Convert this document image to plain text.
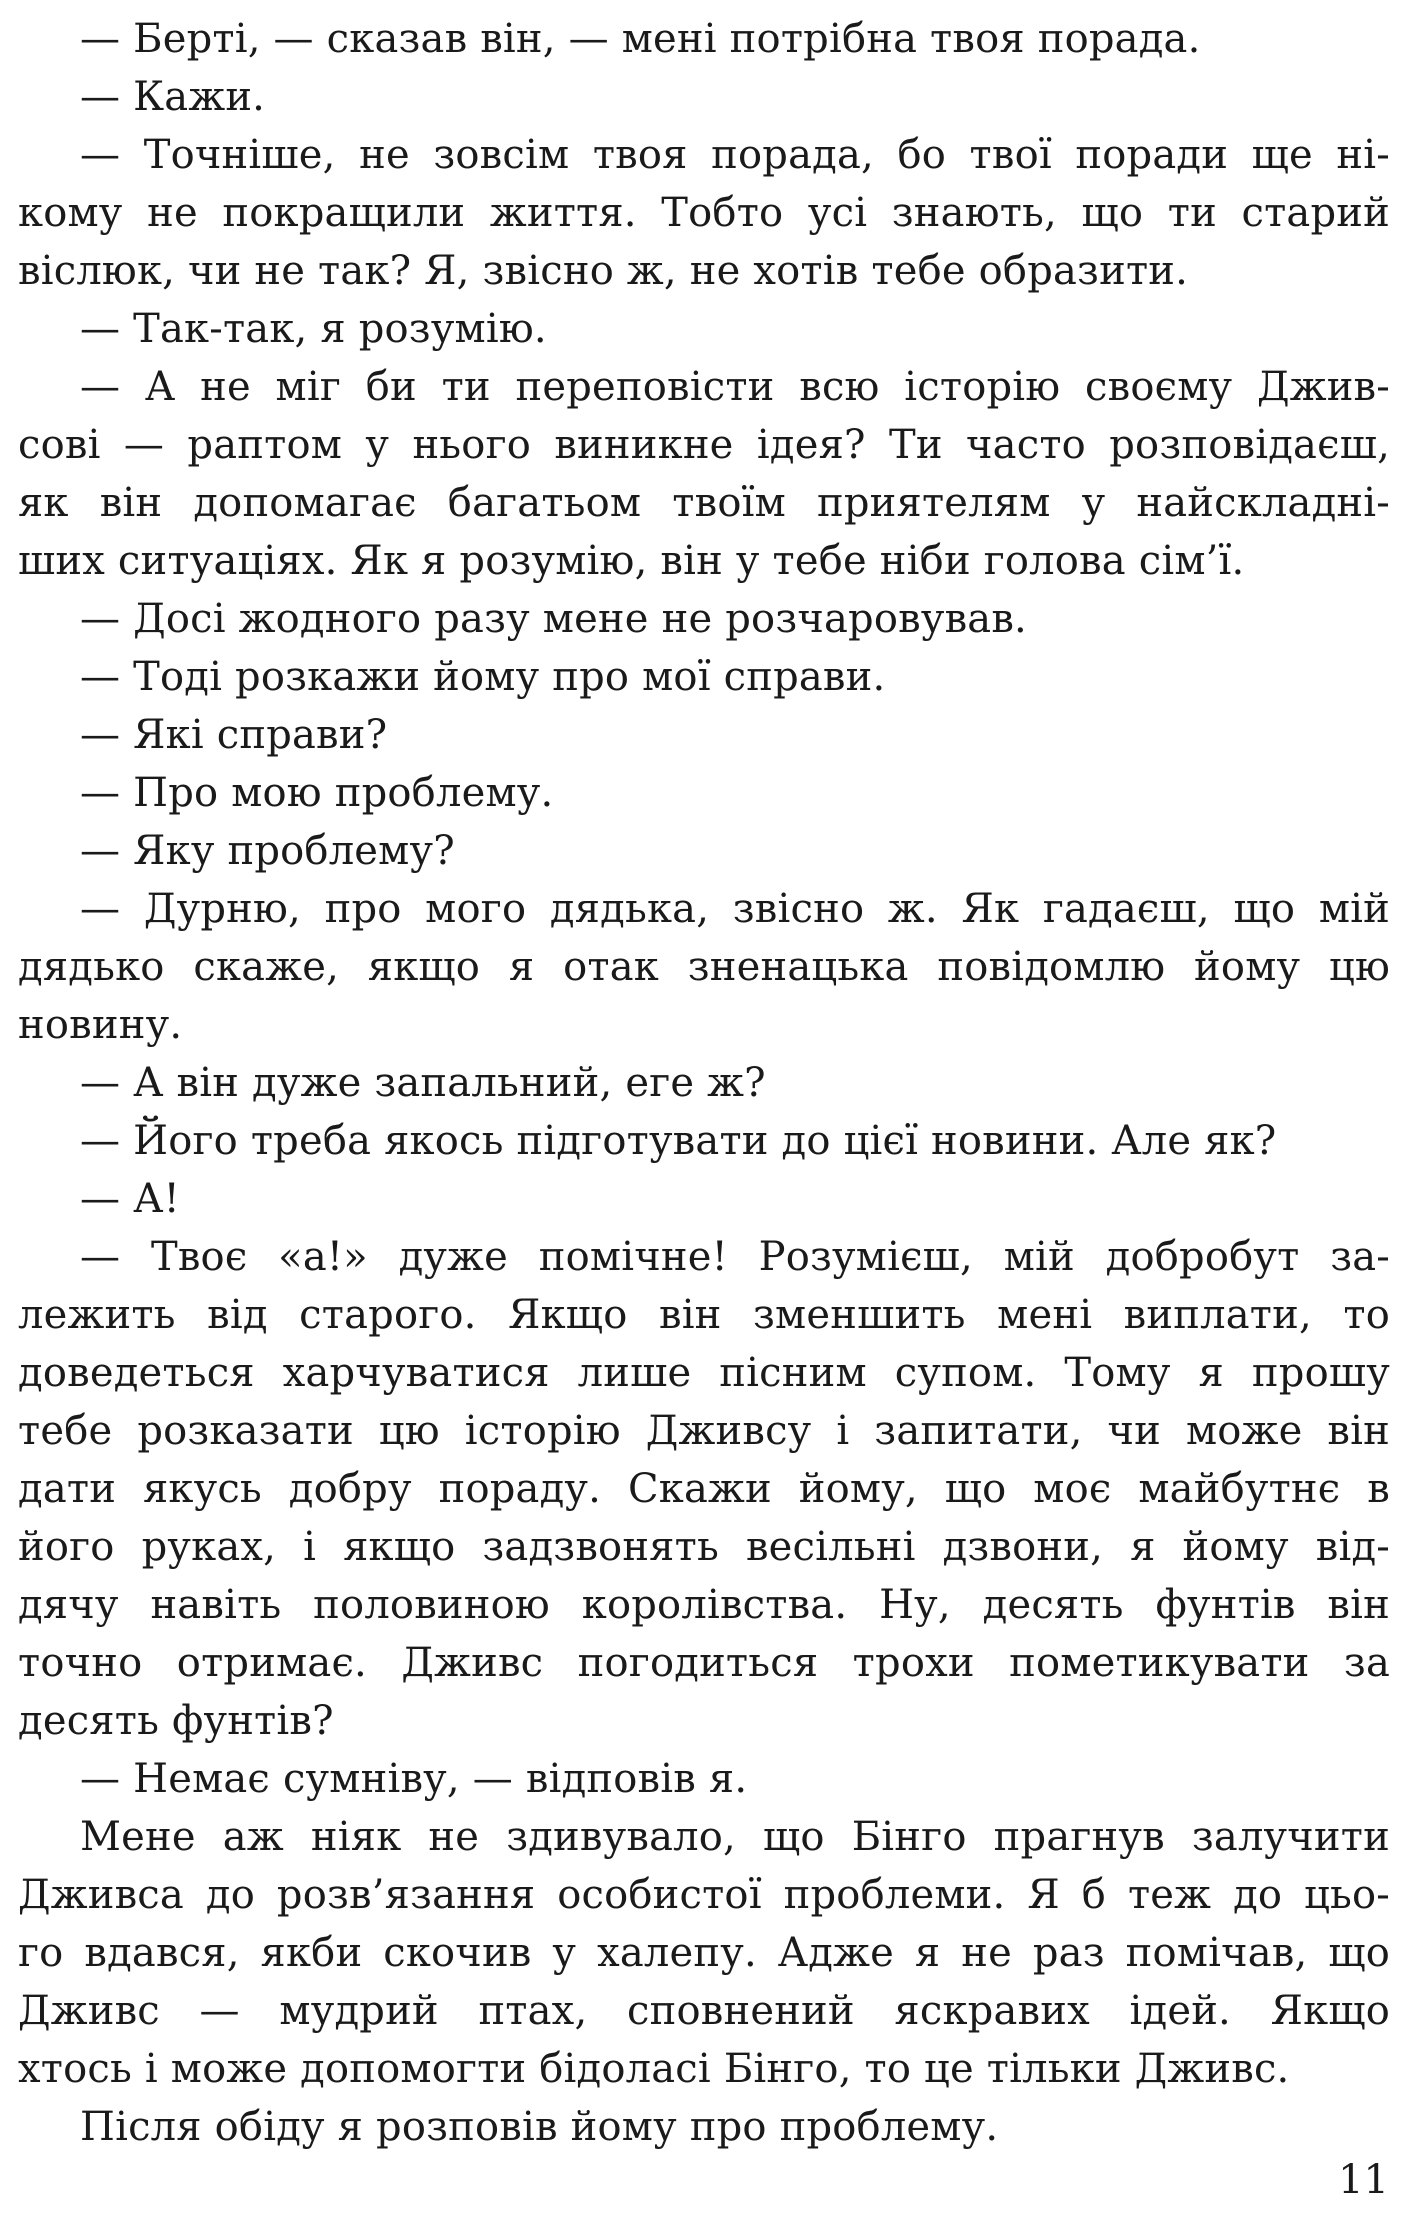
— Берті, — сказав він, — мені потрібна твоя порада.
— Кажи.
— Точніше, не зовсім твоя порада, бо твої поради ще ні-
кому не покращили життя. Тобто усі знають, що ти старий
віслюк, чи не так? Я, звісно ж, не хотів тебе образити.
— Так-так, я розумію.
— А не міг би ти переповісти всю історію своєму Джив-
сові — раптом у нього виникне ідея? Ти часто розповідаєш,
як він допомагає багатьом твоїм приятелям у найскладні-
ших ситуаціях. Як я розумію, він у тебе ніби голова сім’ї.
— Досі жодного разу мене не розчаровував.
— Тоді розкажи йому про мої справи.
— Які справи?
— Про мою проблему.
— Яку проблему?
— Дурню, про мого дядька, звісно ж. Як гадаєш, що мій
дядько скаже, якщо я отак зненацька повідомлю йому цю
новину.
— А він дуже запальний, еге ж?
— Його треба якось підготувати до цієї новини. Але як?
— А!
— Твоє «а!» дуже помічне! Розумієш, мій добробут за-
лежить від старого. Якщо він зменшить мені виплати, то
доведеться харчуватися лише пісним супом. Тому я прошу
тебе розказати цю історію Дживсу і запитати, чи може він
дати якусь добру пораду. Скажи йому, що моє майбутнє в
його руках, і якщо задзвонять весільні дзвони, я йому від-
дячу навіть половиною королівства. Ну, десять фунтів він
точно отримає. Дживс погодиться трохи пометикувати за
десять фунтів?
— Немає сумніву, — відповів я.
Мене аж ніяк не здивувало, що Бінго прагнув залучити
Дживса до розв’язання особистої проблеми. Я б теж до цьо-
го вдався, якби скочив у халепу. Адже я не раз помічав, що
Дживс — мудрий птах, сповнений яскравих ідей. Якщо
хтось і може допомогти бідоласі Бінго, то це тільки Дживс.
Після обіду я розповів йому про проблему.
11
